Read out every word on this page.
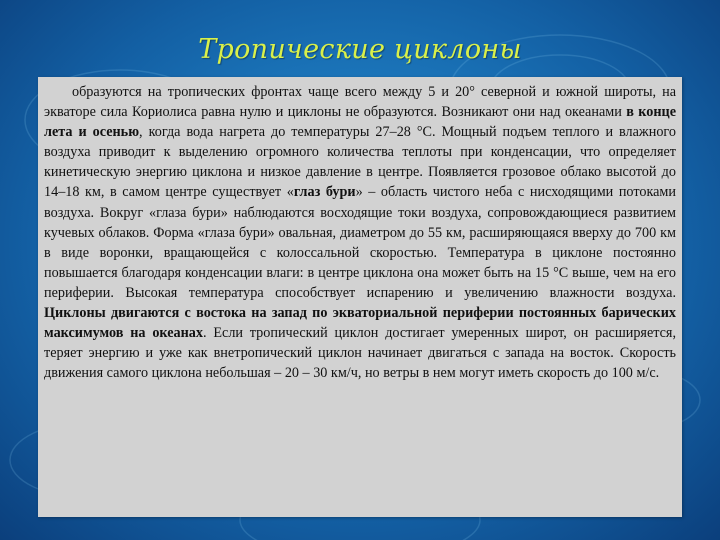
Тропические циклоны

образуются на тропических фронтах чаще всего между 5 и 20° северной и южной широты, на экваторе сила Кориолиса равна нулю и циклоны не образуются. Возникают они над океанами в конце лета и осенью, когда вода нагрета до температуры 27–28 °С. Мощный подъем теплого и влажного воздуха приводит к выделению огромного количества теплоты при конденсации, что определяет кинетическую энергию циклона и низкое давление в центре. Появляется грозовое облако высотой до 14–18 км, в самом центре существует «глаз бури» – область чистого неба с нисходящими потоками воздуха. Вокруг «глаза бури» наблюдаются восходящие токи воздуха, сопровождающиеся развитием кучевых облаков. Форма «глаза бури» овальная, диаметром до 55 км, расширяющаяся вверху до 700 км в виде воронки, вращающейся с колоссальной скоростью. Температура в циклоне постоянно повышается благодаря конденсации влаги: в центре циклона она может быть на 15 °С выше, чем на его периферии. Высокая температура способствует испарению и увеличению влажности воздуха. Циклоны двигаются с востока на запад по экваториальной периферии постоянных барических максимумов на океанах. Если тропический циклон достигает умеренных широт, он расширяется, теряет энергию и уже как внетропический циклон начинает двигаться с запада на восток. Скорость движения самого циклона небольшая – 20 – 30 км/ч, но ветры в нем могут иметь скорость до 100 м/с.
